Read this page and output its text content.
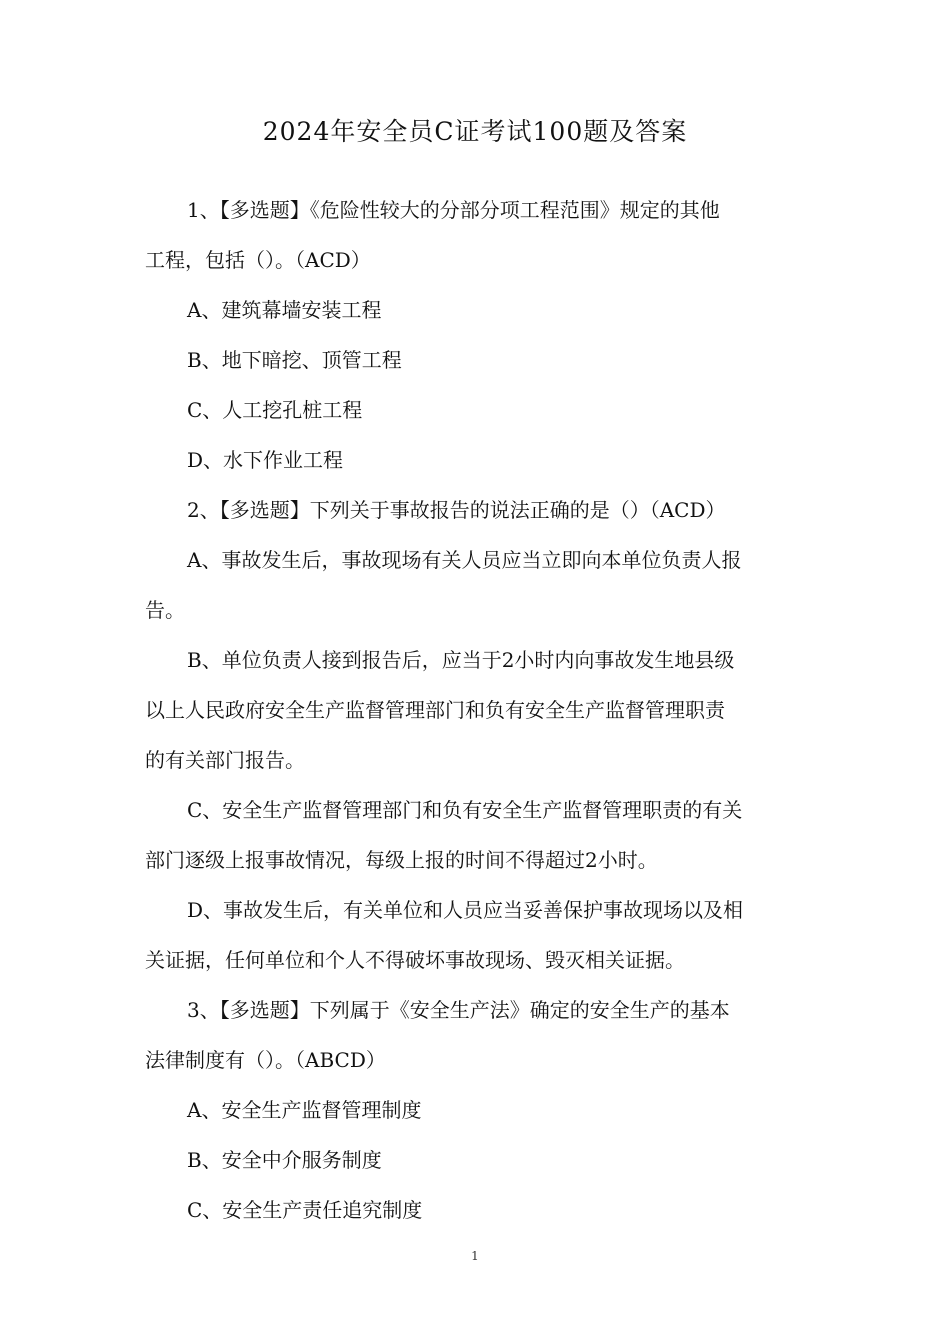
2024年安全员C证考试100题及答案
1、【多选题】《危险性较大的分部分项工程范围》规定的其他
工程，包括（）。（ACD）
A、建筑幕墙安装工程
B、地下暗挖、顶管工程
C、人工挖孔桩工程
D、水下作业工程
2、【多选题】下列关于事故报告的说法正确的是（）（ACD）
A、事故发生后，事故现场有关人员应当立即向本单位负责人报
告。
B、单位负责人接到报告后，应当于2小时内向事故发生地县级
以上人民政府安全生产监督管理部门和负有安全生产监督管理职责
的有关部门报告。
C、安全生产监督管理部门和负有安全生产监督管理职责的有关
部门逐级上报事故情况，每级上报的时间不得超过2小时。
D、事故发生后，有关单位和人员应当妥善保护事故现场以及相
关证据，任何单位和个人不得破坏事故现场、毁灭相关证据。
3、【多选题】下列属于《安全生产法》确定的安全生产的基本
法律制度有（）。（ABCD）
A、安全生产监督管理制度
B、安全中介服务制度
C、安全生产责任追究制度
1
